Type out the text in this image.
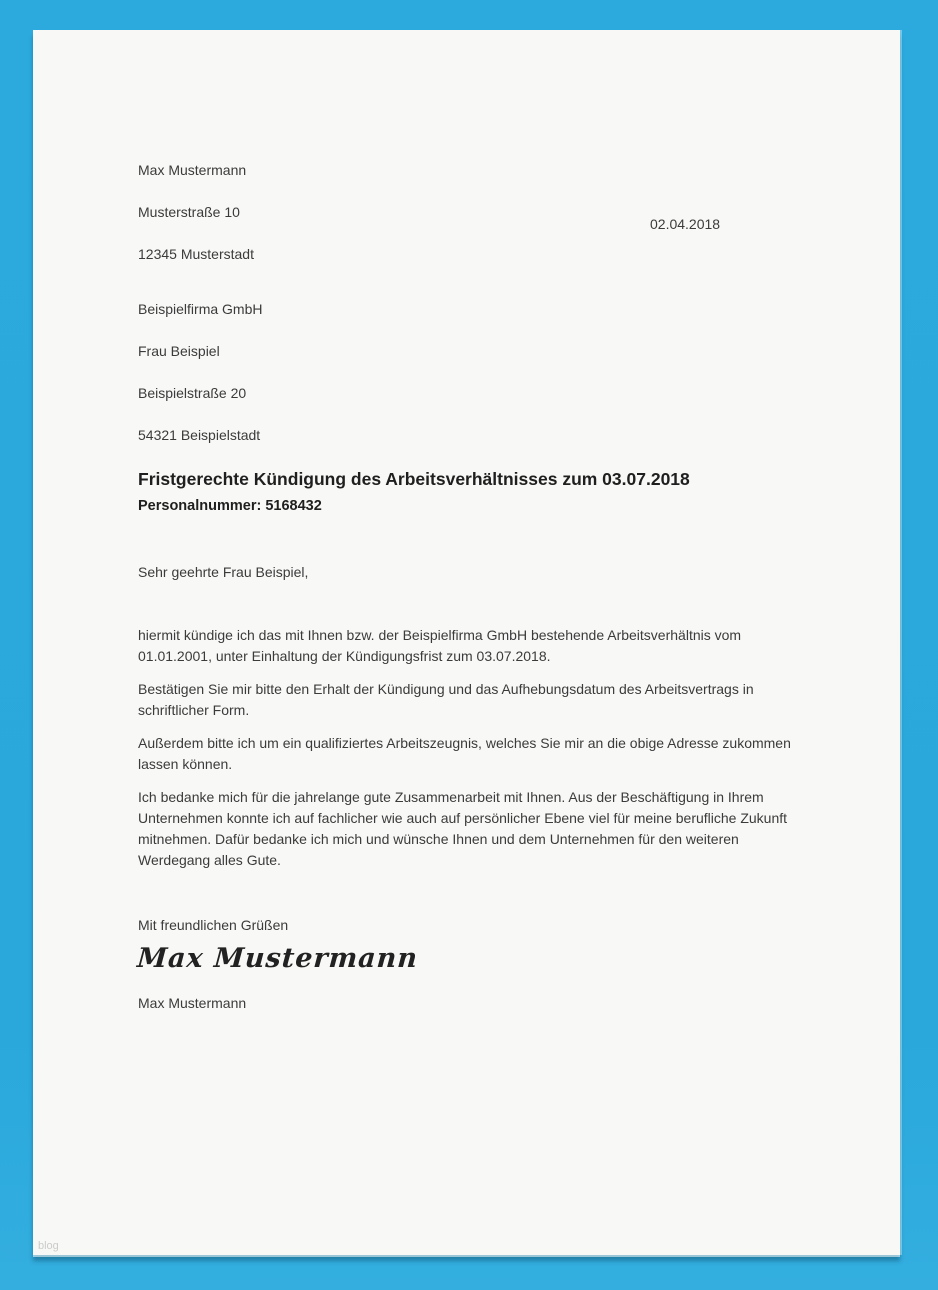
Max Mustermann

Musterstraße 10

12345 Musterstadt

02.04.2018

Beispielfirma GmbH

Frau Beispiel

Beispielstraße 20

54321 Beispielstadt

Fristgerechte Kündigung des Arbeitsverhältnisses zum 03.07.2018
Personalnummer: 5168432
Sehr geehrte Frau Beispiel,

hiermit kündige ich das mit Ihnen bzw. der Beispielfirma GmbH bestehende Arbeitsverhältnis vom 01.01.2001, unter Einhaltung der Kündigungsfrist zum 03.07.2018.

Bestätigen Sie mir bitte den Erhalt der Kündigung und das Aufhebungsdatum des Arbeitsvertrags in schriftlicher Form.

Außerdem bitte ich um ein qualifiziertes Arbeitszeugnis, welches Sie mir an die obige Adresse zukommen lassen können.

Ich bedanke mich für die jahrelange gute Zusammenarbeit mit Ihnen. Aus der Beschäftigung in Ihrem Unternehmen konnte ich auf fachlicher wie auch auf persönlicher Ebene viel für meine berufliche Zukunft mitnehmen. Dafür bedanke ich mich und wünsche Ihnen und dem Unternehmen für den weiteren Werdegang alles Gute.

Mit freundlichen Grüßen
Max Mustermann
Max Mustermann
blog
